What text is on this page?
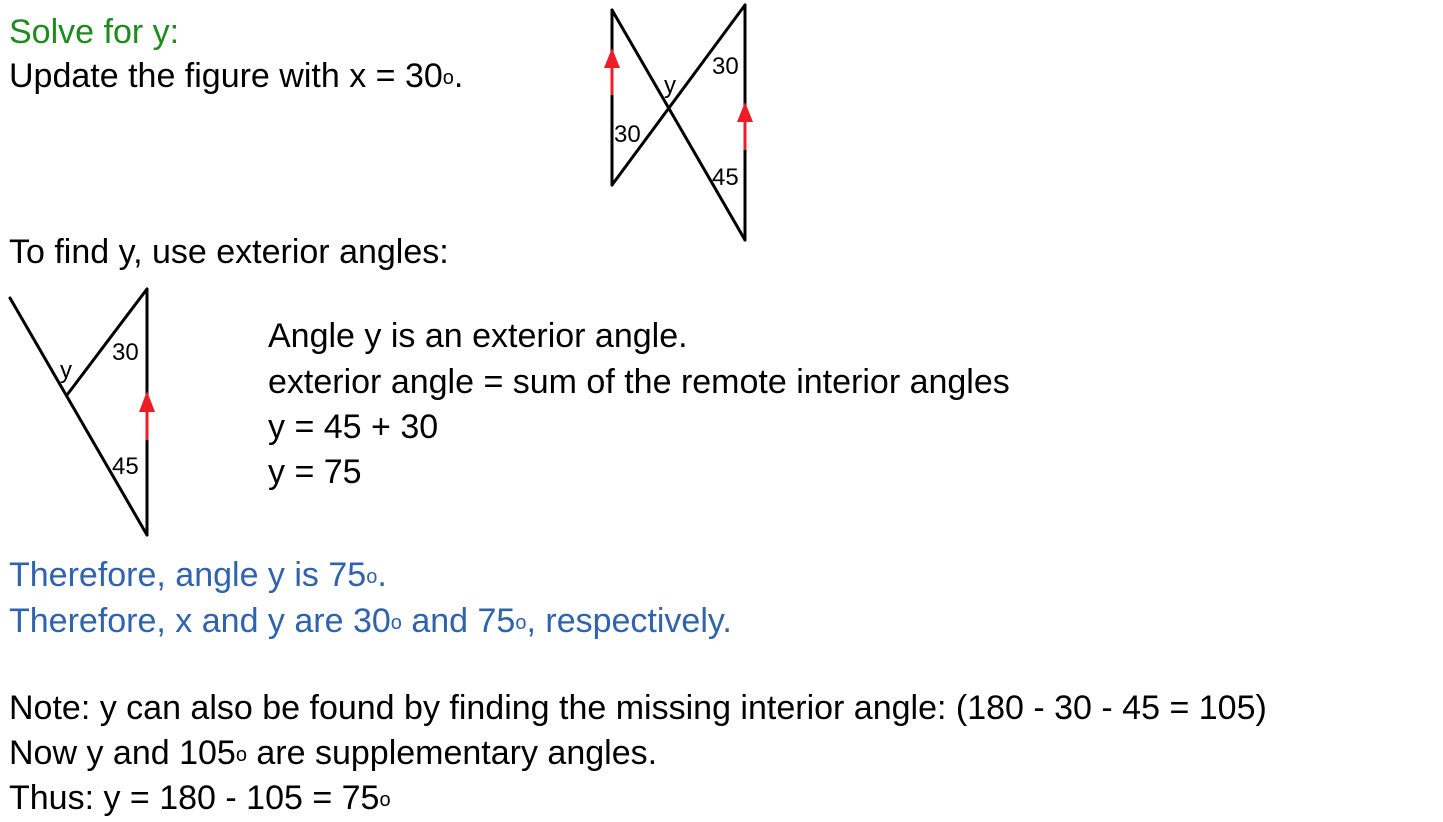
Solve for y:
Update the figure with $x = 30^o$.	y
30
30
45
y
30
45
To find y, use exterior angles:
Angle y is an exterior angle.
exterior angle = sum of the remote interior angles
y = 45 + 30
y = 75
Therefore, angle y is 75$^o$.
Therefore, x and y are 30$^o$ and 75$^o$, respectively.
Note: y can also be found by finding the missing interior angle: (180 - 30 - 45 = 105)
Now y and 105$^o$ are supplementary angles.
Thus: $y = 180 - 105 = 75^o$
